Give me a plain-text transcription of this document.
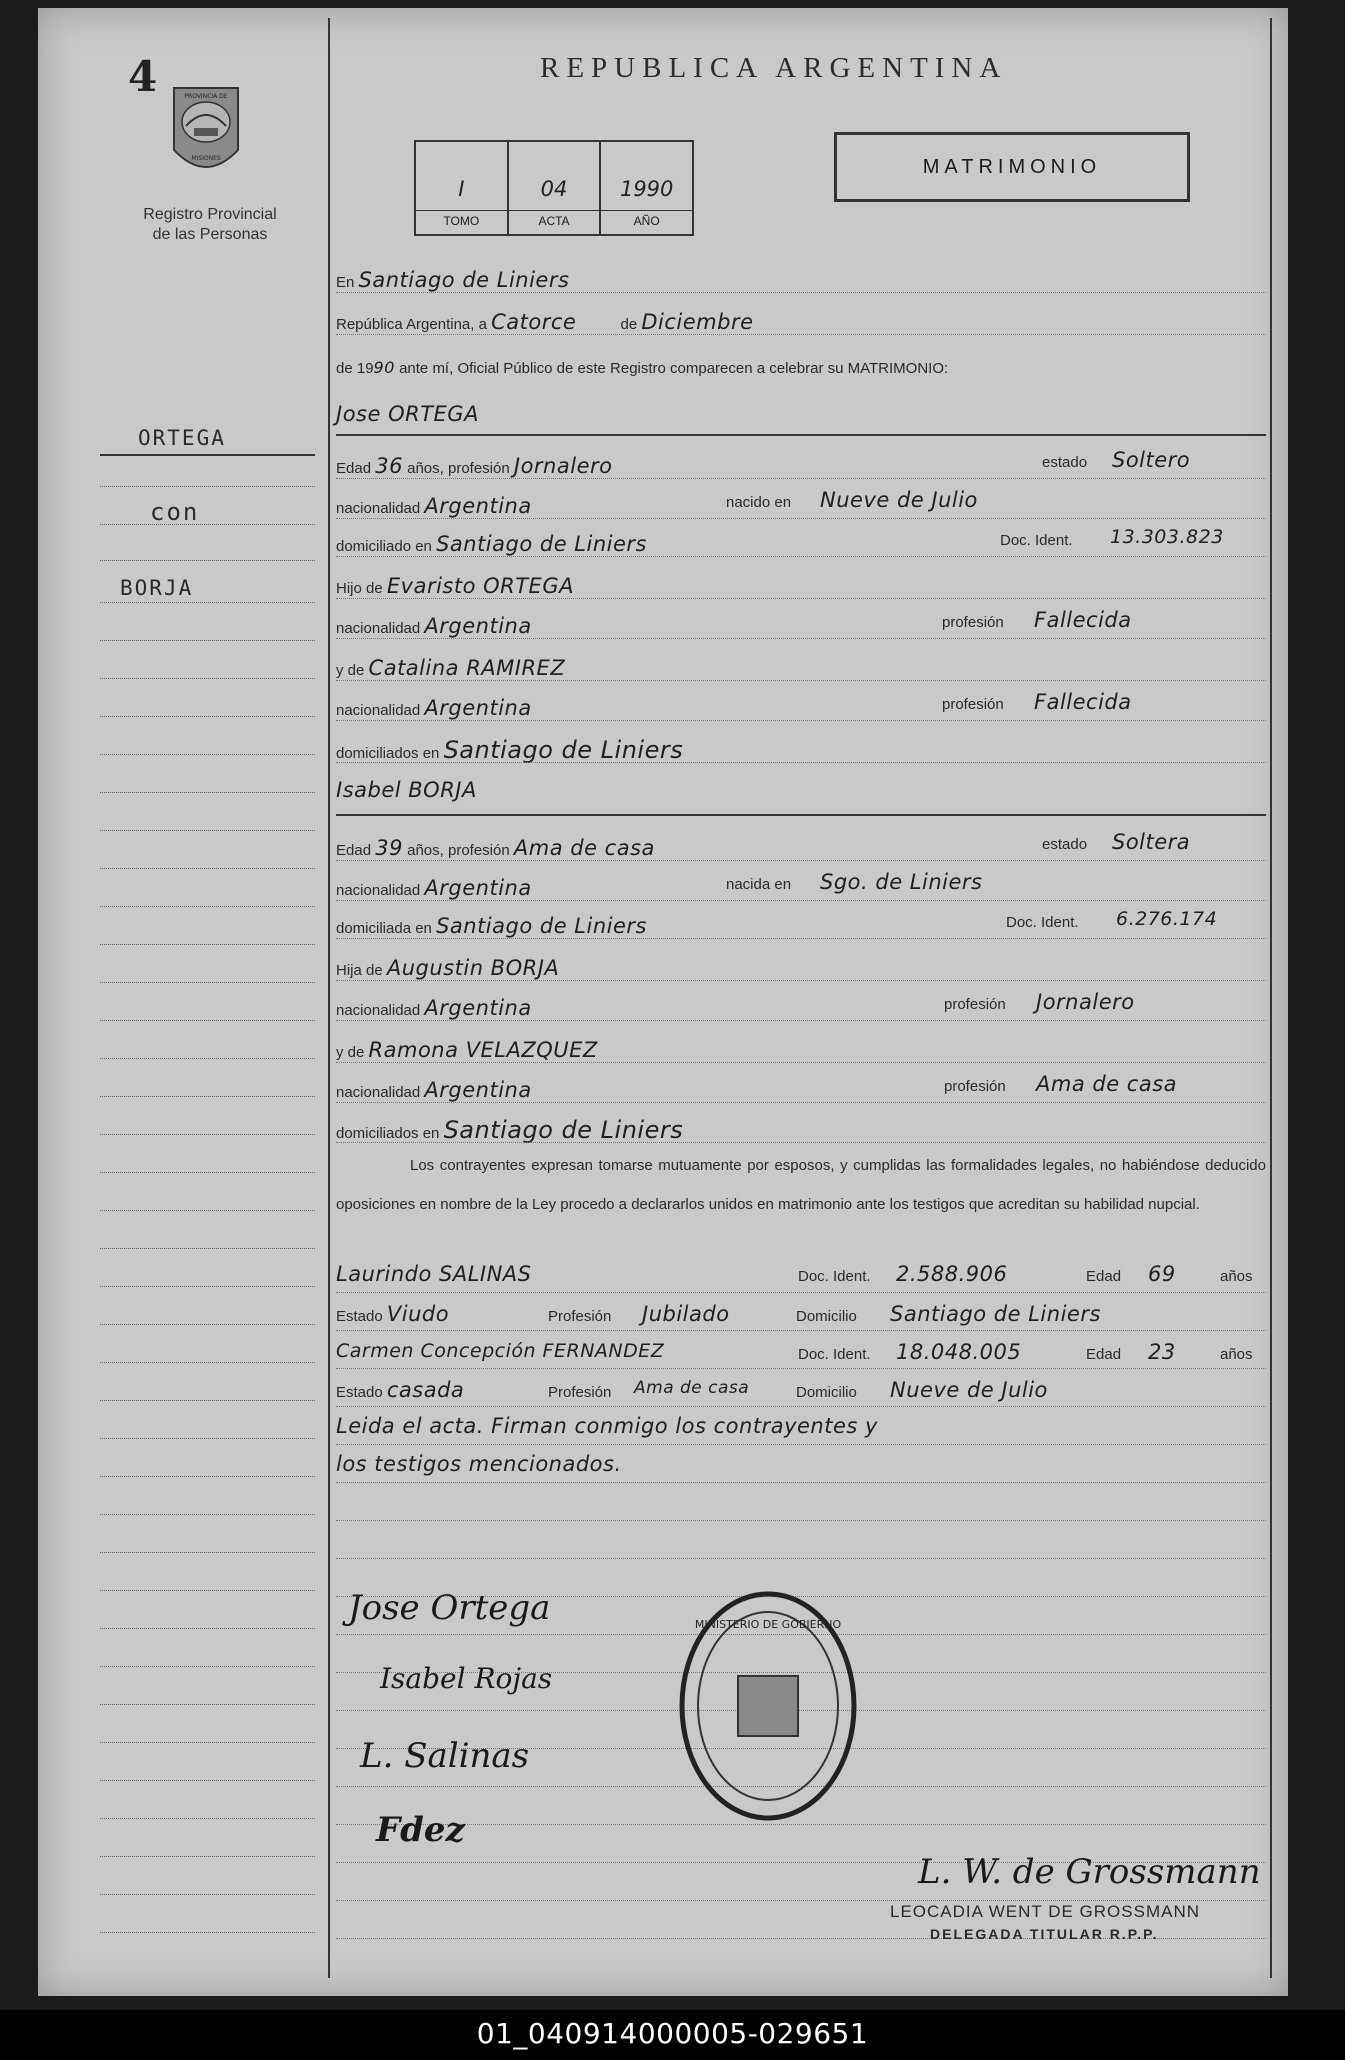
4	PROVINCIA DE
MISIONES
Registro Provincial
de las Personas
ORTEGA
con
BORJA
REPUBLICA ARGENTINA
I
TOMO
04
ACTA
1990
AÑO
MATRIMONIO
En Santiago de Liniers
República Argentina, a Catorce	de Diciembre
de 1990 ante mí, Oficial Público de este Registro comparecen a celebrar su MATRIMONIO:
Jose ORTEGA
Edad 36 años, profesión Jornalero	estado Soltero
nacionalidad Argentina	nacido en Nueve de Julio
domiciliado en Santiago de Liniers	Doc. Ident. 13.303.823
Hijo de Evaristo ORTEGA
nacionalidad Argentina	profesión Fallecida
y de Catalina RAMIREZ
nacionalidad Argentina	profesión Fallecida
domiciliados en Santiago de Liniers
Isabel BORJA
Edad 39 años, profesión Ama de casa	estado Soltera
nacionalidad Argentina	nacida en Sgo. de Liniers
domiciliada en Santiago de Liniers	Doc. Ident. 6.276.174
Hija de Augustin BORJA
nacionalidad Argentina	profesión Jornalero
y de Ramona VELAZQUEZ
nacionalidad Argentina	profesión Ama de casa
domiciliados en Santiago de Liniers
Los contrayentes expresan tomarse mutuamente por esposos, y cumplidas las formalidades legales, no habiéndose deducido oposiciones en nombre de la Ley procedo a declararlos unidos en matrimonio ante los testigos que acreditan su habilidad nupcial.
Laurindo SALINAS	Doc. Ident. 2.588.906	Edad 69	años
Estado Viudo	Profesión Jubilado	Domicilio Santiago de Liniers
Carmen Concepción FERNANDEZ	Doc. Ident. 18.048.005	Edad 23	años
Estado casada	Profesión Ama de casa	Domicilio Nueve de Julio
Leida el acta. Firman conmigo los contrayentes y
los testigos mencionados.
Jose Ortega
Isabel Rojas
L. Salinas
Fdez
MINISTERIO DE GOBIERNO
L. W. de Grossmann
LEOCADIA WENT DE GROSSMANN
DELEGADA TITULAR R.P.P.
01_040914000005-029651
